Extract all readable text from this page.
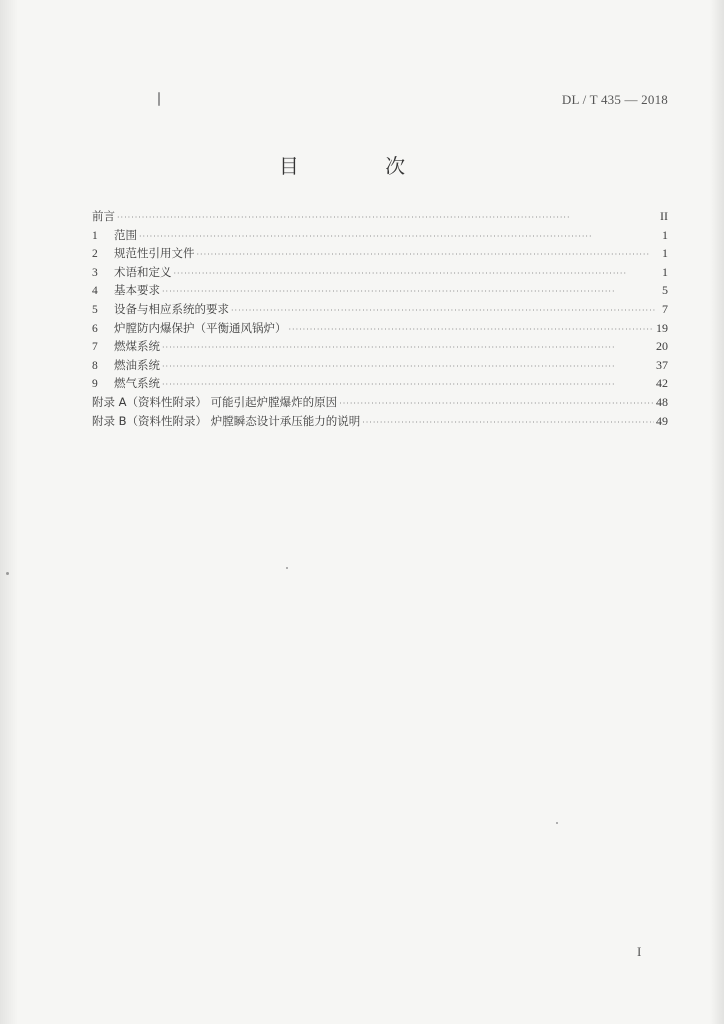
DL / T 435 — 2018
目 次
前言 ·····	II
1	范围 ·····	1
2	规范性引用文件 ·····	1
3	术语和定义 ·····	1
4	基本要求 ·····	5
5	设备与相应系统的要求 ·····	7
6	炉膛防内爆保护（平衡通风锅炉） ·····	19
7	燃煤系统 ·····	20
8	燃油系统 ·····	37
9	燃气系统 ·····	42
附录 A（资料性附录） 可能引起炉膛爆炸的原因 ·····	48
附录 B（资料性附录） 炉膛瞬态设计承压能力的说明 ·····	49
I
